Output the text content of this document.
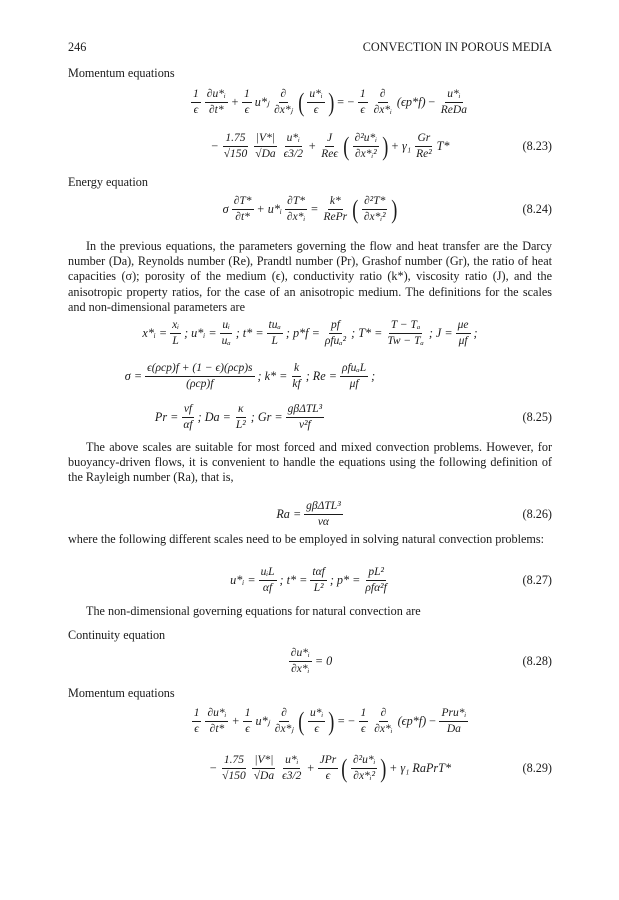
246	CONVECTION IN POROUS MEDIA
Momentum equations
$\frac{1}{\epsilon} \frac{\text{∂u*ᵢ}}{\partial t*} + \frac{1}{\epsilon}$ u*ⱼ
∂
∂x*ⱼ ( $\frac{\text{u*ᵢ}}{\epsilon}$ ) = − $\frac{1}{\epsilon}$ ∂
∂x*ᵢ
(ϵp*f) −
u*ᵢ
ReDa
− $\frac{1.75}{√150} \frac{|V*|}{√Da} \frac{\text{u*ᵢ}}{\epsilon 3/2}$ +
J
Reϵ ( $\frac{\text{∂²u*ᵢ}}{\text{∂x*ᵢ²}}$ ) + $\gamma_1 \frac{Gr}{\text{Re²}} T*$	(8.23)
Energy equation
σ $\frac{\partial T*}{\partial t*}$ + u*ᵢ $\frac{\partial T*}{\text{∂x*ᵢ}}$ =
k*
RePr ( $\frac{\text{∂²T*}}{\text{∂x*ᵢ²}}$ )	(8.24)

In the previous equations, the parameters governing the flow and heat transfer are the Darcy number (Da), Reynolds number (Re), Prandtl number (Pr), Grashof number (Gr), the ratio of heat capacities (σ); porosity of the medium (ϵ), conductivity ratio (k*), viscosity ratio (J), and the anisotropic property ratios, for the case of an anisotropic medium. The definitions for the scales and non-dimensional parameters are

x*ᵢ = $\frac{\text{xᵢ}}{L}$ ; u*ᵢ = $\frac{\text{uᵢ}}{\text{uₐ}}$ ; t* =
tuₐ
L
; p*f =
pf
ρfuₐ²
; $T* = \frac{\text{T − Tₐ}}{\text{Tw − Tₐ}}$ ; $J = \frac{\mu e}{\mu f}$ ;
σ =
ϵ(ρcp)f + (1 − ϵ)(ρcp)s
(ρcp)f
; $k* = \frac{k}{kf}$ ; Re =
ρfuₐL
μf
;
$Pr = \frac{\nu f}{\alpha f}$ ; $Da = \frac{\kappa}{\text{L²}}$ ; Gr =
gβΔTL³
ν²f
(8.25)

The above scales are suitable for most forced and mixed convection problems. However, for buoyancy-driven flows, it is convenient to handle the equations using the following definition of the Rayleigh number (Ra), that is,

Ra =
gβΔTL³
να
(8.26)

where the following different scales need to be employed in solving natural convection problems:

u*ᵢ =
uᵢL
αf
; t* =
tαf
L²
; p* =
pL²
ρfα²f
(8.27)

The non-dimensional governing equations for natural convection are

Continuity equation
$\frac{\text{∂u*ᵢ}}{\text{∂x*ᵢ}} = 0$	(8.28)
Momentum equations
$\frac{1}{\epsilon} \frac{\text{∂u*ᵢ}}{\partial t*} + \frac{1}{\epsilon}$ u*ⱼ
∂
∂x*ⱼ ( $\frac{\text{u*ᵢ}}{\epsilon}$ ) = − $\frac{1}{\epsilon}$ ∂
∂x*ᵢ
(ϵp*f) −
Pru*ᵢ
Da
− $\frac{1.75}{√150} \frac{|V*|}{√Da} \frac{\text{u*ᵢ}}{\epsilon 3/2}$ +
JPr
ϵ ( $\frac{\text{∂²u*ᵢ}}{\text{∂x*ᵢ²}}$ ) + γ₁ RaPrT*	(8.29)
